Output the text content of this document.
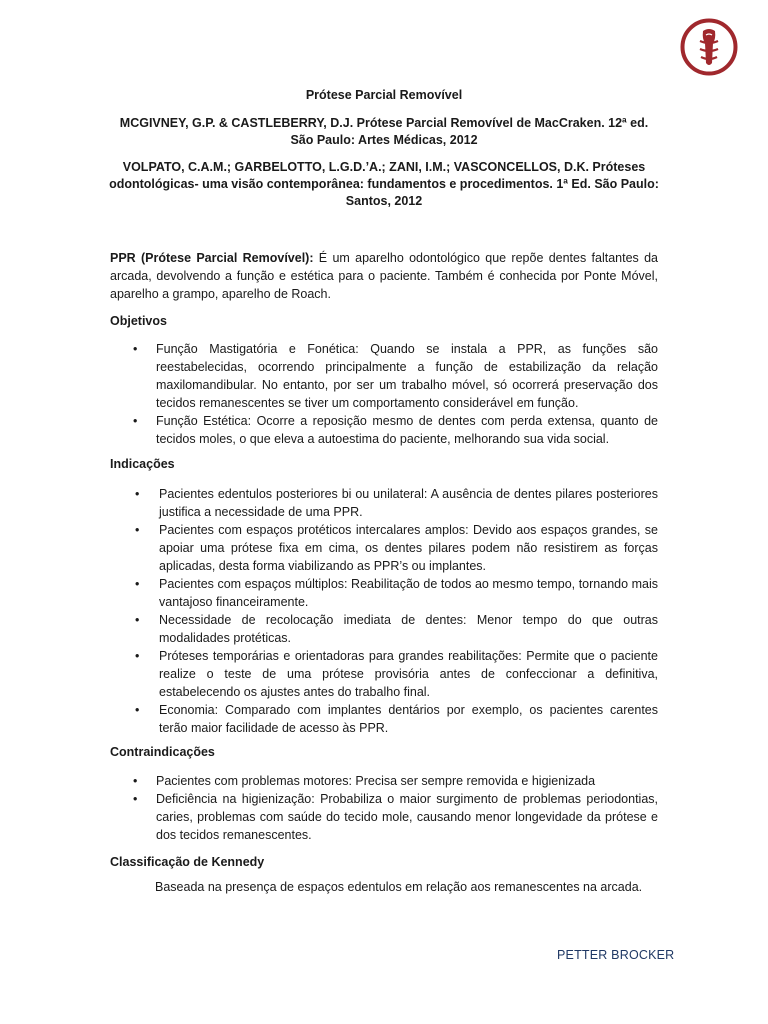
Prótese Parcial Removível
MCGIVNEY, G.P. & CASTLEBERRY, D.J. Prótese Parcial Removível de MacCraken. 12ª ed. São Paulo: Artes Médicas, 2012
VOLPATO, C.A.M.; GARBELOTTO, L.G.D.’A.; ZANI, I.M.; VASCONCELLOS, D.K. Próteses odontológicas- uma visão contemporânea: fundamentos e procedimentos. 1ª Ed. São Paulo: Santos, 2012
PPR (Prótese Parcial Removível): É um aparelho odontológico que repõe dentes faltantes da arcada, devolvendo a função e estética para o paciente. Também é conhecida por Ponte Móvel, aparelho a grampo, aparelho de Roach.
Objetivos
• Função Mastigatória e Fonética: Quando se instala a PPR, as funções são reestabelecidas, ocorrendo principalmente a função de estabilização da relação maxilomandibular. No entanto, por ser um trabalho móvel, só ocorrerá preservação dos tecidos remanescentes se tiver um comportamento considerável em função.
• Função Estética: Ocorre a reposição mesmo de dentes com perda extensa, quanto de tecidos moles, o que eleva a autoestima do paciente, melhorando sua vida social.
Indicações
• Pacientes edentulos posteriores bi ou unilateral: A ausência de dentes pilares posteriores justifica a necessidade de uma PPR.
• Pacientes com espaços protéticos intercalares amplos: Devido aos espaços grandes, se apoiar uma prótese fixa em cima, os dentes pilares podem não resistirem as forças aplicadas, desta forma viabilizando as PPR’s ou implantes.
• Pacientes com espaços múltiplos: Reabilitação de todos ao mesmo tempo, tornando mais vantajoso financeiramente.
• Necessidade de recolocação imediata de dentes: Menor tempo do que outras modalidades protéticas.
• Próteses temporárias e orientadoras para grandes reabilitações: Permite que o paciente realize o teste de uma prótese provisória antes de confeccionar a definitiva, estabelecendo os ajustes antes do trabalho final.
• Economia: Comparado com implantes dentários por exemplo, os pacientes carentes terão maior facilidade de acesso às PPR.
Contraindicações
• Pacientes com problemas motores: Precisa ser sempre removida e higienizada
• Deficiência na higienização: Probabiliza o maior surgimento de problemas periodontias, caries, problemas com saúde do tecido mole, causando menor longevidade da prótese e dos tecidos remanescentes.
Classificação de Kennedy
Baseada na presença de espaços edentulos em relação aos remanescentes na arcada.
PETTER BROCKER
